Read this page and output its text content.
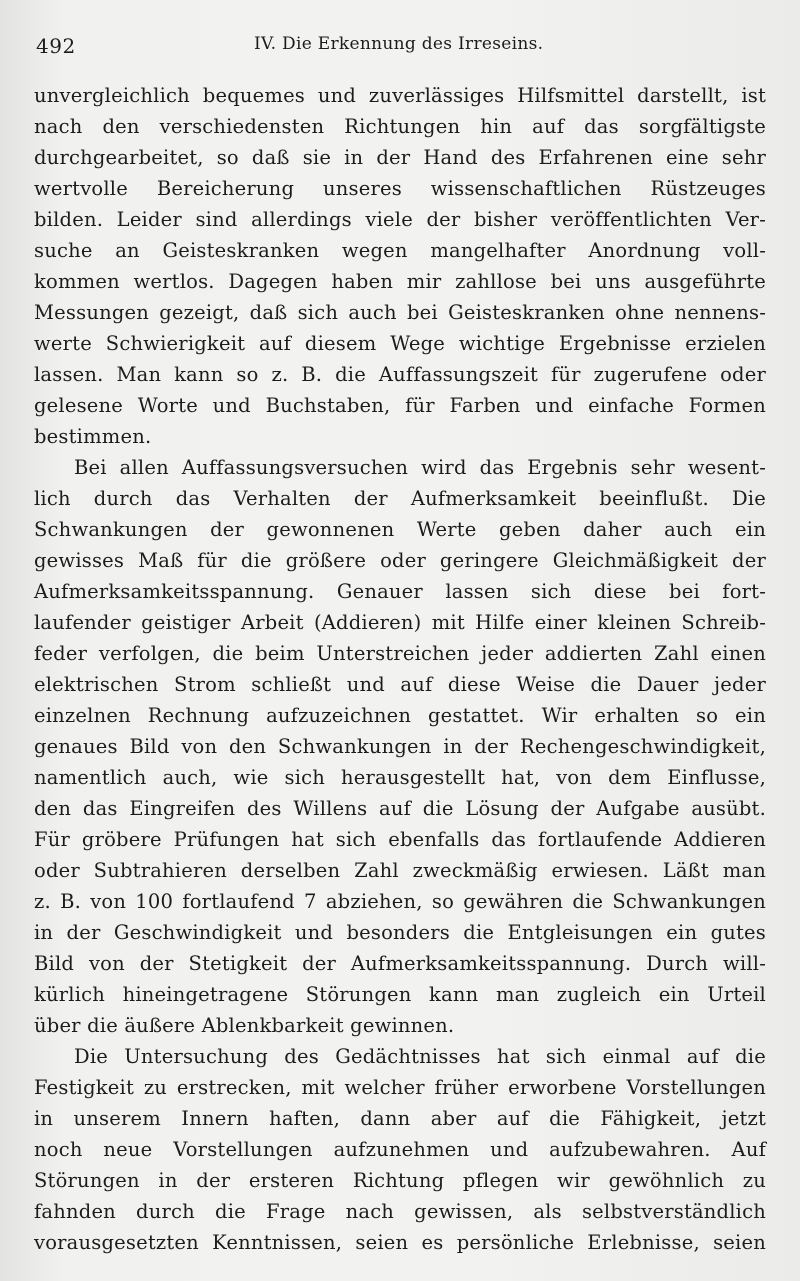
492	IV. Die Erkennung des Irreseins.
unvergleichlich bequemes und zuverlässiges Hilfsmittel darstellt, ist
nach den verschiedensten Richtungen hin auf das sorgfältigste
durchgearbeitet, so daß sie in der Hand des Erfahrenen eine sehr
wertvolle Bereicherung unseres wissenschaftlichen Rüstzeuges
bilden. Leider sind allerdings viele der bisher veröffentlichten Ver-
suche an Geisteskranken wegen mangelhafter Anordnung voll-
kommen wertlos. Dagegen haben mir zahllose bei uns ausgeführte
Messungen gezeigt, daß sich auch bei Geisteskranken ohne nennens-
werte Schwierigkeit auf diesem Wege wichtige Ergebnisse erzielen
lassen. Man kann so z. B. die Auffassungszeit für zugerufene oder
gelesene Worte und Buchstaben, für Farben und einfache Formen
bestimmen.
Bei allen Auffassungsversuchen wird das Ergebnis sehr wesent-
lich durch das Verhalten der Aufmerksamkeit beeinflußt. Die
Schwankungen der gewonnenen Werte geben daher auch ein
gewisses Maß für die größere oder geringere Gleichmäßigkeit der
Aufmerksamkeitsspannung. Genauer lassen sich diese bei fort-
laufender geistiger Arbeit (Addieren) mit Hilfe einer kleinen Schreib-
feder verfolgen, die beim Unterstreichen jeder addierten Zahl einen
elektrischen Strom schließt und auf diese Weise die Dauer jeder
einzelnen Rechnung aufzuzeichnen gestattet. Wir erhalten so ein
genaues Bild von den Schwankungen in der Rechengeschwindigkeit,
namentlich auch, wie sich herausgestellt hat, von dem Einflusse,
den das Eingreifen des Willens auf die Lösung der Aufgabe ausübt.
Für gröbere Prüfungen hat sich ebenfalls das fortlaufende Addieren
oder Subtrahieren derselben Zahl zweckmäßig erwiesen. Läßt man
z. B. von 100 fortlaufend 7 abziehen, so gewähren die Schwankungen
in der Geschwindigkeit und besonders die Entgleisungen ein gutes
Bild von der Stetigkeit der Aufmerksamkeitsspannung. Durch will-
kürlich hineingetragene Störungen kann man zugleich ein Urteil
über die äußere Ablenkbarkeit gewinnen.
Die Untersuchung des Gedächtnisses hat sich einmal auf die
Festigkeit zu erstrecken, mit welcher früher erworbene Vorstellungen
in unserem Innern haften, dann aber auf die Fähigkeit, jetzt
noch neue Vorstellungen aufzunehmen und aufzubewahren. Auf
Störungen in der ersteren Richtung pflegen wir gewöhnlich zu
fahnden durch die Frage nach gewissen, als selbstverständlich
vorausgesetzten Kenntnissen, seien es persönliche Erlebnisse, seien
